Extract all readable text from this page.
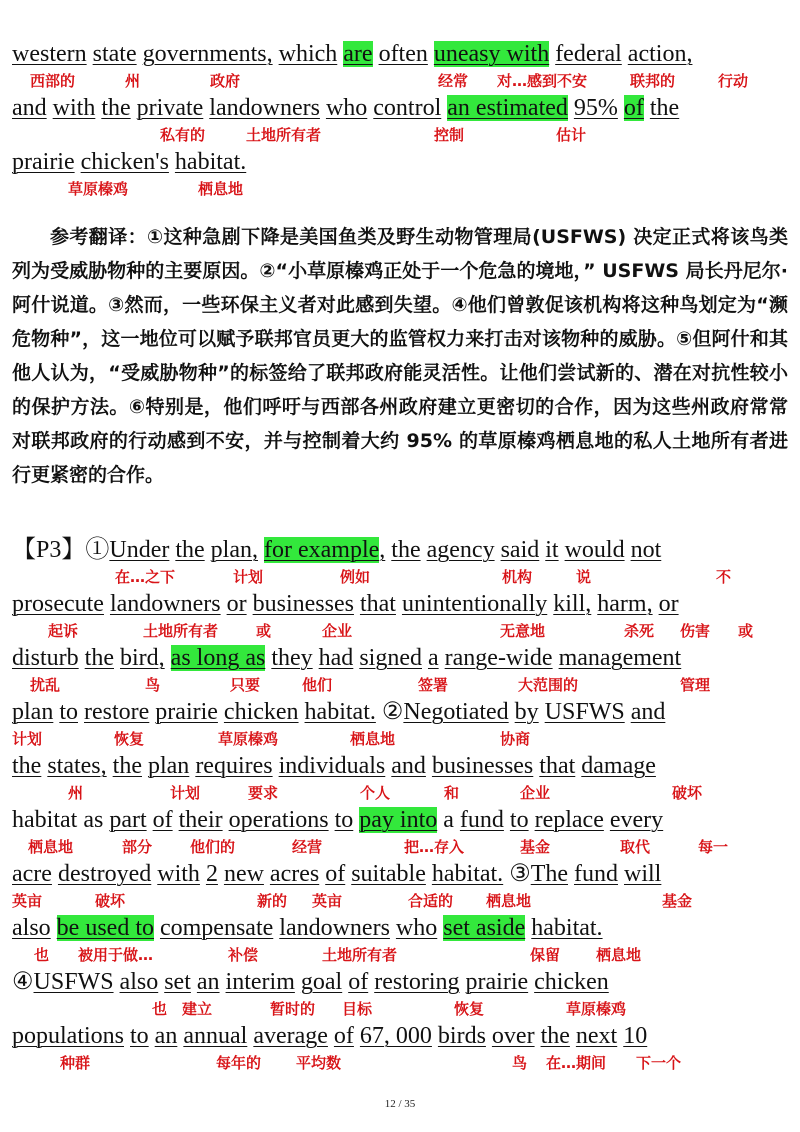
western state governments, which are often uneasy with federal action,
西部的	州	政府	经常 对…感到不安	联邦的	行动
and with the private landowners who control an estimated 95% of the
私有的	土地所有者	控制	估计
prairie chicken's habitat.
草原榛鸡	栖息地
【P3】①Under the plan, for example, the agency said it would not
在…之下	计划	例如	机构	说	不
prosecute landowners or businesses that unintentionally kill, harm, or
起诉	土地所有者	或	企业	无意地	杀死 伤害 或
disturb the bird, as long as they had signed a range-wide management
扰乱	鸟	只要	他们	签署	大范围的	管理
plan to restore prairie chicken habitat. ②Negotiated by USFWS and
计划	恢复	草原榛鸡	栖息地	协商
the states, the plan requires individuals and businesses that damage
州	计划	要求	个人	和	企业	破坏
habitat as part of their operations to pay into a fund to replace every
栖息地	部分	他们的	经营	把…存入	基金	取代	每一
acre destroyed with 2 new acres of suitable habitat. ③The fund will
英亩	破坏	新的 英亩	合适的 栖息地	基金
also be used to compensate landowners who set aside habitat.
也 被用于做…	补偿	土地所有者	保留 栖息地
④USFWS also set an interim goal of restoring prairie chicken
也 建立	暂时的 目标	恢复	草原榛鸡
populations to an annual average of 67, 000 birds over the next 10
种群	每年的 平均数	鸟 在…期间 下一个

参考翻译：①这种急剧下降是美国鱼类及野生动物管理局(USFWS) 决定正式将该鸟类列为受威胁物种的主要原因。②“小草原榛鸡正处于一个危急的境地，” USFWS 局长丹尼尔·阿什说道。③然而，一些环保主义者对此感到失望。④他们曾敦促该机构将这种鸟划定为“濒危物种”，这一地位可以赋予联邦官员更大的监管权力来打击对该物种的威胁。⑤但阿什和其他人认为，“受威胁物种”的标签给了联邦政府能灵活性。让他们尝试新的、潜在对抗性较小的保护方法。⑥特别是，他们呼吁与西部各州政府建立更密切的合作，因为这些州政府常常对联邦政府的行动感到不安，并与控制着大约 95% 的草原榛鸡栖息地的私人土地所有者进行更紧密的合作。

12 / 35
